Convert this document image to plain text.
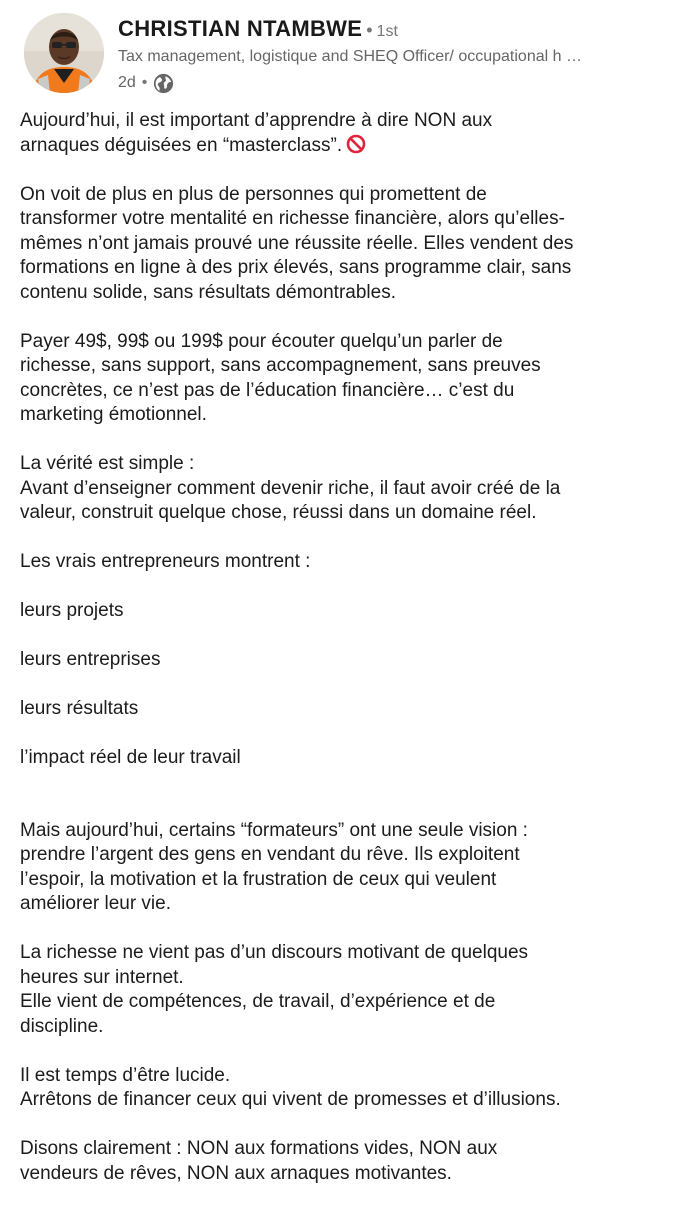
CHRISTIAN NTAMBWE • 1st
Tax management, logistique and SHEQ Officer/ occupational h …
2d •

Aujourd’hui, il est important d’apprendre à dire NON aux
arnaques déguisées en “masterclass”.

On voit de plus en plus de personnes qui promettent de
transformer votre mentalité en richesse financière, alors qu’elles-
mêmes n’ont jamais prouvé une réussite réelle. Elles vendent des
formations en ligne à des prix élevés, sans programme clair, sans
contenu solide, sans résultats démontrables.

Payer 49$, 99$ ou 199$ pour écouter quelqu’un parler de
richesse, sans support, sans accompagnement, sans preuves
concrètes, ce n’est pas de l’éducation financière… c’est du
marketing émotionnel.

La vérité est simple :
Avant d’enseigner comment devenir riche, il faut avoir créé de la
valeur, construit quelque chose, réussi dans un domaine réel.

Les vrais entrepreneurs montrent :

leurs projets

leurs entreprises

leurs résultats

l’impact réel de leur travail

Mais aujourd’hui, certains “formateurs” ont une seule vision :
prendre l’argent des gens en vendant du rêve. Ils exploitent
l’espoir, la motivation et la frustration de ceux qui veulent
améliorer leur vie.

La richesse ne vient pas d’un discours motivant de quelques
heures sur internet.
Elle vient de compétences, de travail, d’expérience et de
discipline.

Il est temps d’être lucide.
Arrêtons de financer ceux qui vivent de promesses et d’illusions.

Disons clairement : NON aux formations vides, NON aux
vendeurs de rêves, NON aux arnaques motivantes.
